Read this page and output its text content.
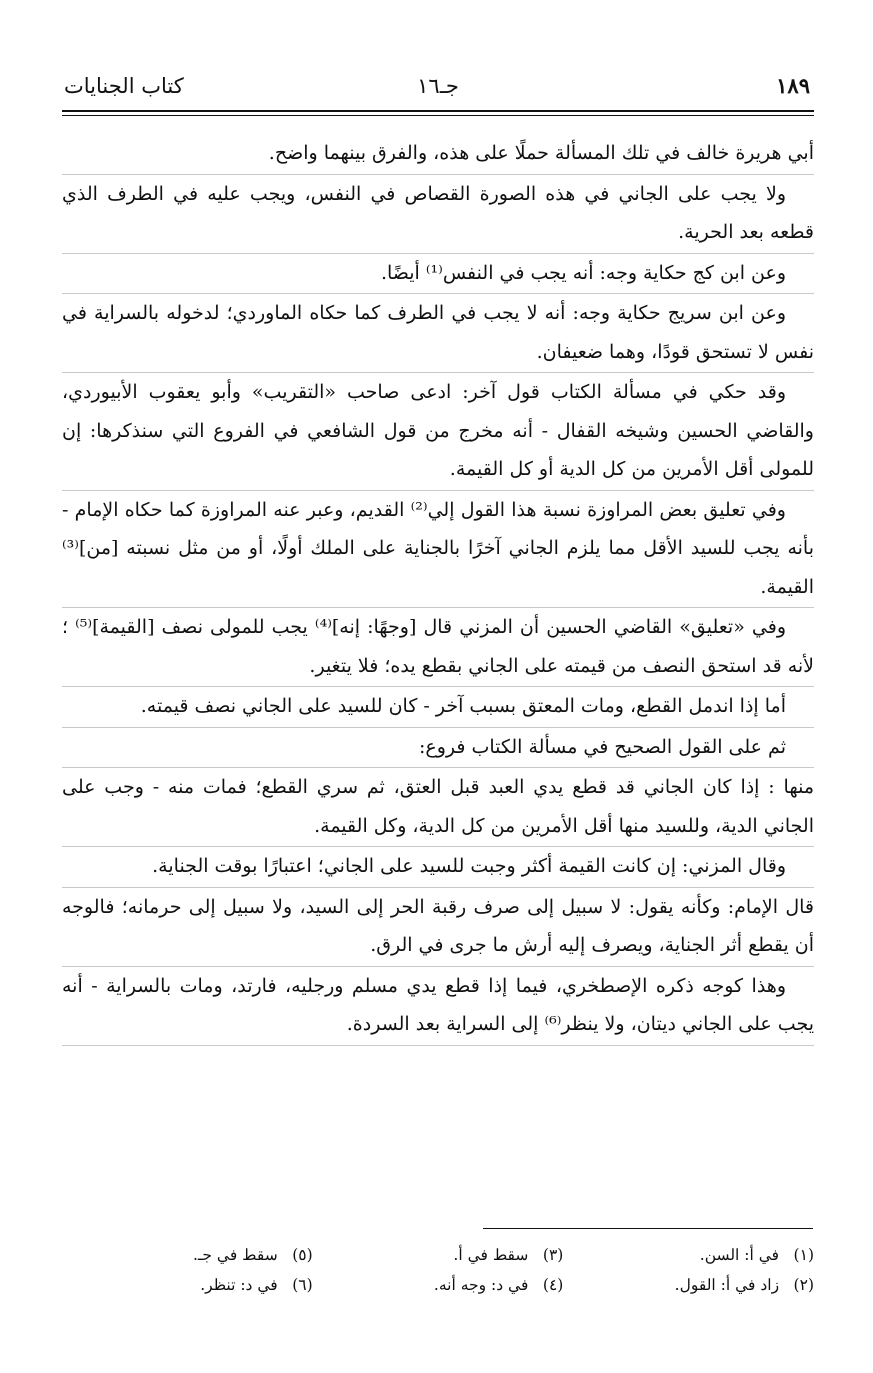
١٨٩
جـ١٦
كتاب الجنايات

أبي هريرة خالف في تلك المسألة حملًا على هذه، والفرق بينهما واضح.

ولا يجب على الجاني في هذه الصورة القصاص في النفس، ويجب عليه في الطرف الذي قطعه بعد الحرية.

وعن ابن كج حكاية وجه: أنه يجب في النفس⁽¹⁾ أيضًا.

وعن ابن سريج حكاية وجه: أنه لا يجب في الطرف كما حكاه الماوردي؛ لدخوله بالسراية في نفس لا تستحق قودًا، وهما ضعيفان.

وقد حكي في مسألة الكتاب قول آخر: ادعى صاحب «التقريب» وأبو يعقوب الأبيوردي، والقاضي الحسين وشيخه القفال - أنه مخرج من قول الشافعي في الفروع التي سنذكرها: إن للمولى أقل الأمرين من كل الدية أو كل القيمة.

وفي تعليق بعض المراوزة نسبة هذا القول إلي⁽²⁾ القديم، وعبر عنه المراوزة كما حكاه الإمام - بأنه يجب للسيد الأقل مما يلزم الجاني آخرًا بالجناية على الملك أولًا، أو من مثل نسبته [من]⁽³⁾ القيمة.

وفي «تعليق» القاضي الحسين أن المزني قال [وجهًا: إنه]⁽⁴⁾ يجب للمولى نصف [القيمة]⁽⁵⁾ ؛ لأنه قد استحق النصف من قيمته على الجاني بقطع يده؛ فلا يتغير.

أما إذا اندمل القطع، ومات المعتق بسبب آخر - كان للسيد على الجاني نصف قيمته.

ثم على القول الصحيح في مسألة الكتاب فروع:

منها : إذا كان الجاني قد قطع يدي العبد قبل العتق، ثم سري القطع؛ فمات منه - وجب على الجاني الدية، وللسيد منها أقل الأمرين من كل الدية، وكل القيمة.

وقال المزني: إن كانت القيمة أكثر وجبت للسيد على الجاني؛ اعتبارًا بوقت الجناية.

قال الإمام: وكأنه يقول: لا سبيل إلى صرف رقبة الحر إلى السيد، ولا سبيل إلى حرمانه؛ فالوجه أن يقطع أثر الجناية، ويصرف إليه أرش ما جرى في الرق.

وهذا كوجه ذكره الإصطخري، فيما إذا قطع يدي مسلم ورجليه، فارتد، ومات بالسراية - أنه يجب على الجاني ديتان، ولا ينظر⁽⁶⁾ إلى السراية بعد السردة.

(١) في أ: السن.
(٣) سقط في أ.
(٥) سقط في جـ.
(٢) زاد في أ: القول.
(٤) في د: وجه أنه.
(٦) في د: تنظر.
